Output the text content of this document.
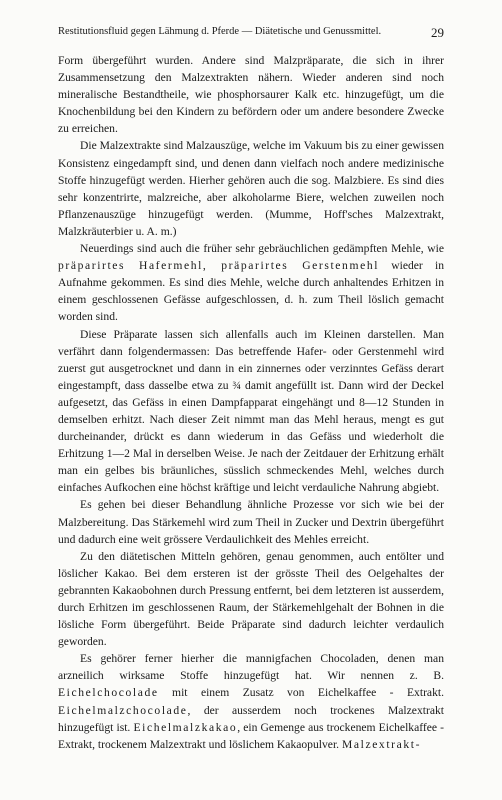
Restitutionsfluid gegen Lähmung d. Pferde — Diätetische und Genussmittel.	29

Form übergeführt wurden. Andere sind Malzpräparate, die sich in ihrer Zusammensetzung den Malzextrakten nähern. Wieder anderen sind noch mineralische Bestandtheile, wie phosphorsaurer Kalk etc. hinzugefügt, um die Knochenbildung bei den Kindern zu befördern oder um andere besondere Zwecke zu erreichen.

Die Malzextrakte sind Malzauszüge, welche im Vakuum bis zu einer gewissen Konsistenz eingedampft sind, und denen dann vielfach noch andere medizinische Stoffe hinzugefügt werden. Hierher gehören auch die sog. Malzbiere. Es sind dies sehr konzentrirte, malzreiche, aber alkoholarme Biere, welchen zuweilen noch Pflanzenauszüge hinzugefügt werden. (Mumme, Hoff'sches Malzextrakt, Malzkräuterbier u. A. m.)

Neuerdings sind auch die früher sehr gebräuchlichen gedämpften Mehle, wie präparirtes Hafermehl, präparirtes Gerstenmehl wieder in Aufnahme gekommen. Es sind dies Mehle, welche durch anhaltendes Erhitzen in einem geschlossenen Gefässe aufgeschlossen, d. h. zum Theil löslich gemacht worden sind.

Diese Präparate lassen sich allenfalls auch im Kleinen darstellen. Man verfährt dann folgendermassen: Das betreffende Hafer- oder Gerstenmehl wird zuerst gut ausgetrocknet und dann in ein zinnernes oder verzinntes Gefäss derart eingestampft, dass dasselbe etwa zu ¾ damit angefüllt ist. Dann wird der Deckel aufgesetzt, das Gefäss in einen Dampfapparat eingehängt und 8—12 Stunden in demselben erhitzt. Nach dieser Zeit nimmt man das Mehl heraus, mengt es gut durcheinander, drückt es dann wiederum in das Gefäss und wiederholt die Erhitzung 1—2 Mal in derselben Weise. Je nach der Zeitdauer der Erhitzung erhält man ein gelbes bis bräunliches, süsslich schmeckendes Mehl, welches durch einfaches Aufkochen eine höchst kräftige und leicht verdauliche Nahrung abgiebt.

Es gehen bei dieser Behandlung ähnliche Prozesse vor sich wie bei der Malzbereitung. Das Stärkemehl wird zum Theil in Zucker und Dextrin übergeführt und dadurch eine weit grössere Verdaulichkeit des Mehles erreicht.

Zu den diätetischen Mitteln gehören, genau genommen, auch entölter und löslicher Kakao. Bei dem ersteren ist der grösste Theil des Oelgehaltes der gebrannten Kakaobohnen durch Pressung entfernt, bei dem letzteren ist ausserdem, durch Erhitzen im geschlossenen Raum, der Stärkemehlgehalt der Bohnen in die lösliche Form übergeführt. Beide Präparate sind dadurch leichter verdaulich geworden.

Es gehörer ferner hierher die mannigfachen Chocoladen, denen man arzneilich wirksame Stoffe hinzugefügt hat. Wir nennen z. B. Eichelchocolade mit einem Zusatz von Eichelkaffee - Extrakt. Eichelmalzchocolade, der ausserdem noch trockenes Malzextrakt hinzugefügt ist. Eichelmalzkakao, ein Gemenge aus trockenem Eichelkaffee - Extrakt, trockenem Malzextrakt und löslichem Kakaopulver. Malzextrakt-
